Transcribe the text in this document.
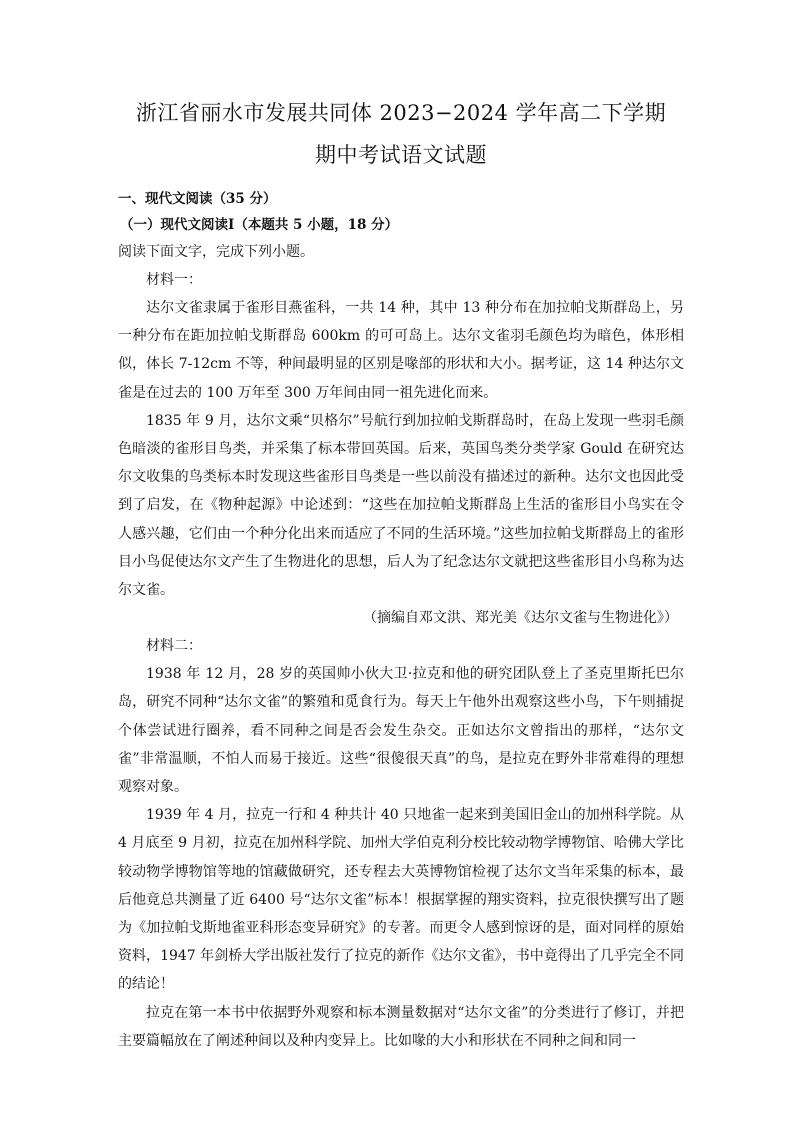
浙江省丽水市发展共同体 2023−2024 学年高二下学期
期中考试语文试题

一、现代文阅读（35 分）

（一）现代文阅读Ⅰ（本题共 5 小题，18 分）

阅读下面文字，完成下列小题。

材料一：

达尔文雀隶属于雀形目燕雀科，一共 14 种，其中 13 种分布在加拉帕戈斯群岛上，另一种分布在距加拉帕戈斯群岛 600km 的可可岛上。达尔文雀羽毛颜色均为暗色，体形相似，体长 7-12cm 不等，种间最明显的区别是喙部的形状和大小。据考证，这 14 种达尔文雀是在过去的 100 万年至 300 万年间由同一祖先进化而来。

1835 年 9 月，达尔文乘“贝格尔”号航行到加拉帕戈斯群岛时，在岛上发现一些羽毛颜色暗淡的雀形目鸟类，并采集了标本带回英国。后来，英国鸟类分类学家 Gould 在研究达尔文收集的鸟类标本时发现这些雀形目鸟类是一些以前没有描述过的新种。达尔文也因此受到了启发，在《物种起源》中论述到：“这些在加拉帕戈斯群岛上生活的雀形目小鸟实在令人感兴趣，它们由一个种分化出来而适应了不同的生活环境。”这些加拉帕戈斯群岛上的雀形目小鸟促使达尔文产生了生物进化的思想，后人为了纪念达尔文就把这些雀形目小鸟称为达尔文雀。

（摘编自邓文洪、郑光美《达尔文雀与生物进化》）

材料二：

1938 年 12 月，28 岁的英国帅小伙大卫·拉克和他的研究团队登上了圣克里斯托巴尔岛，研究不同种“达尔文雀”的繁殖和觅食行为。每天上午他外出观察这些小鸟，下午则捕捉个体尝试进行圈养，看不同种之间是否会发生杂交。正如达尔文曾指出的那样，“达尔文雀”非常温顺，不怕人而易于接近。这些“很傻很天真”的鸟，是拉克在野外非常难得的理想观察对象。

1939 年 4 月，拉克一行和 4 种共计 40 只地雀一起来到美国旧金山的加州科学院。从 4 月底至 9 月初，拉克在加州科学院、加州大学伯克利分校比较动物学博物馆、哈佛大学比较动物学博物馆等地的馆藏做研究，还专程去大英博物馆检视了达尔文当年采集的标本，最后他竟总共测量了近 6400 号“达尔文雀”标本！根据掌握的翔实资料，拉克很快撰写出了题为《加拉帕戈斯地雀亚科形态变异研究》的专著。而更令人感到惊讶的是，面对同样的原始资料，1947 年剑桥大学出版社发行了拉克的新作《达尔文雀》，书中竟得出了几乎完全不同的结论！

拉克在第一本书中依据野外观察和标本测量数据对“达尔文雀”的分类进行了修订，并把主要篇幅放在了阐述种间以及种内变异上。比如喙的大小和形状在不同种之间和同一
